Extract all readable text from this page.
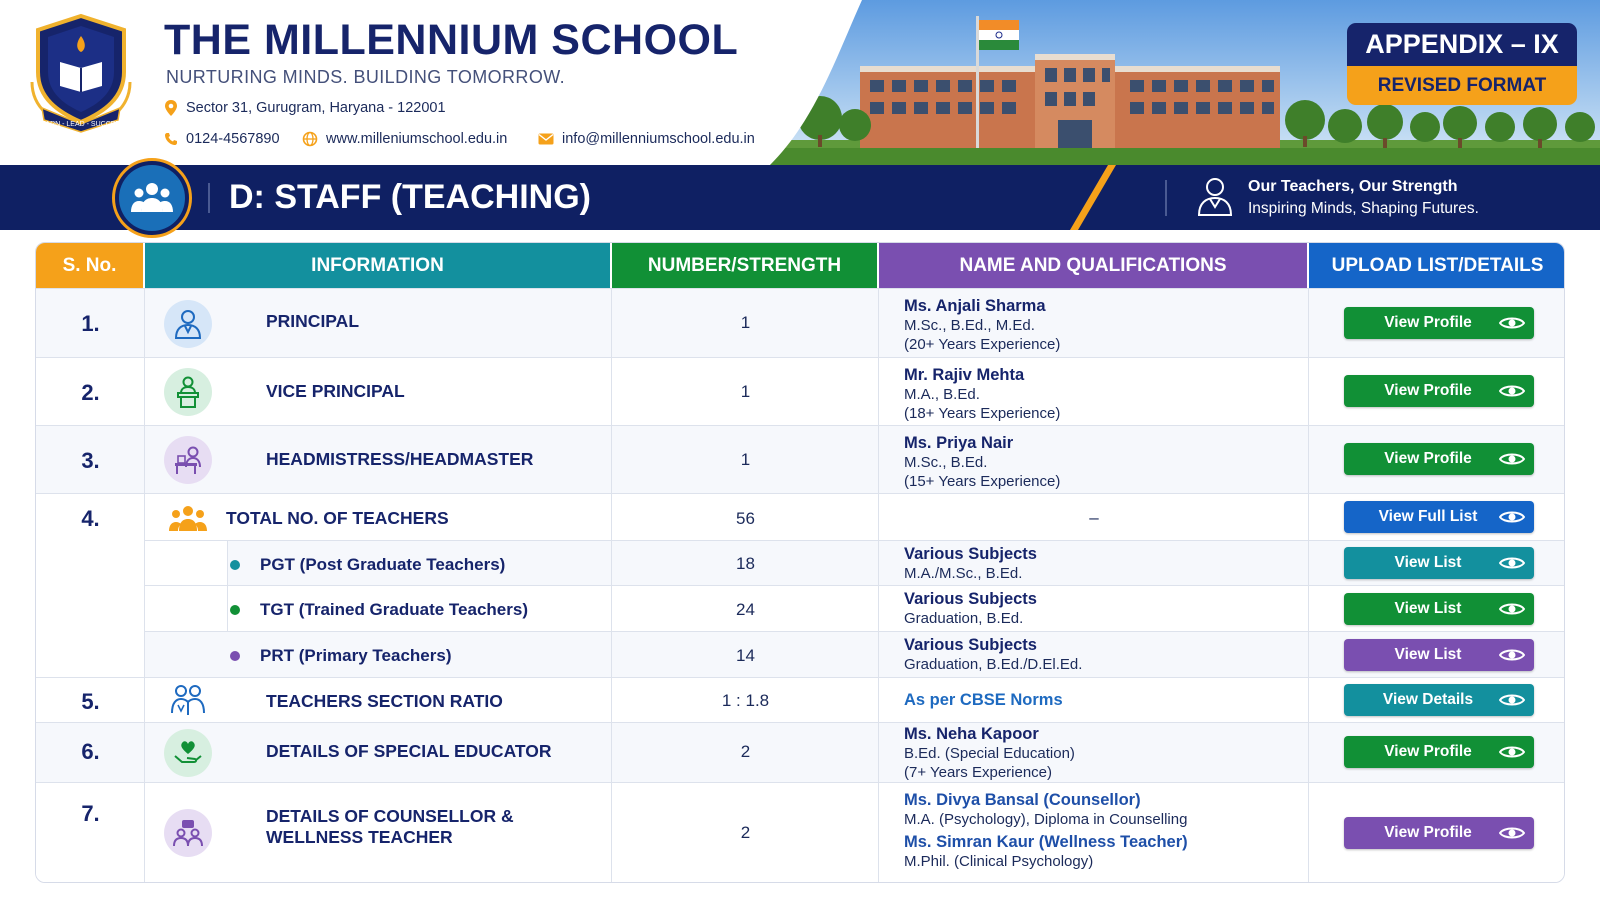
LEARN - LEAD - SUCCEED
THE MILLENNIUM SCHOOL
NURTURING MINDS. BUILDING TOMORROW.
Sector 31, Gurugram, Haryana - 122001
0124-4567890	www.milleniumschool.edu.in	info@millenniumschool.edu.in
APPENDIX – IX
REVISED FORMAT
D: STAFF (TEACHING)	Our Teachers, Our Strength
Inspiring Minds, Shaping Futures.
S. No.	INFORMATION	NUMBER/STRENGTH	NAME AND QUALIFICATIONS	UPLOAD LIST/DETAILS
1.	PRINCIPAL	1
Ms. Anjali Sharma
M.Sc., B.Ed., M.Ed.
(20+ Years Experience)
View Profile
2.	VICE PRINCIPAL	1
Mr. Rajiv Mehta
M.A., B.Ed.
(18+ Years Experience)
View Profile
3.	HEADMISTRESS/HEADMASTER	1
Ms. Priya Nair
M.Sc., B.Ed.
(15+ Years Experience)
View Profile
4.	TOTAL NO. OF TEACHERS	56	–	View Full List
PGT (Post Graduate Teachers)	18	Various Subjects
M.A./M.Sc., B.Ed.
View List
TGT (Trained Graduate Teachers)	24
Various Subjects
Graduation, B.Ed.
View List
PRT (Primary Teachers)	14
Various Subjects
Graduation, B.Ed./D.El.Ed.
View List
5.	TEACHERS SECTION RATIO	1 : 1.8	As per CBSE Norms	View Details
6.	DETAILS OF SPECIAL EDUCATOR	2
Ms. Neha Kapoor
B.Ed. (Special Education)
(7+ Years Experience)
View Profile
7.	DETAILS OF COUNSELLOR &
WELLNESS TEACHER	2
Ms. Divya Bansal (Counsellor)
M.A. (Psychology), Diploma in Counselling
Ms. Simran Kaur (Wellness Teacher)
M.Phil. (Clinical Psychology)
View Profile
